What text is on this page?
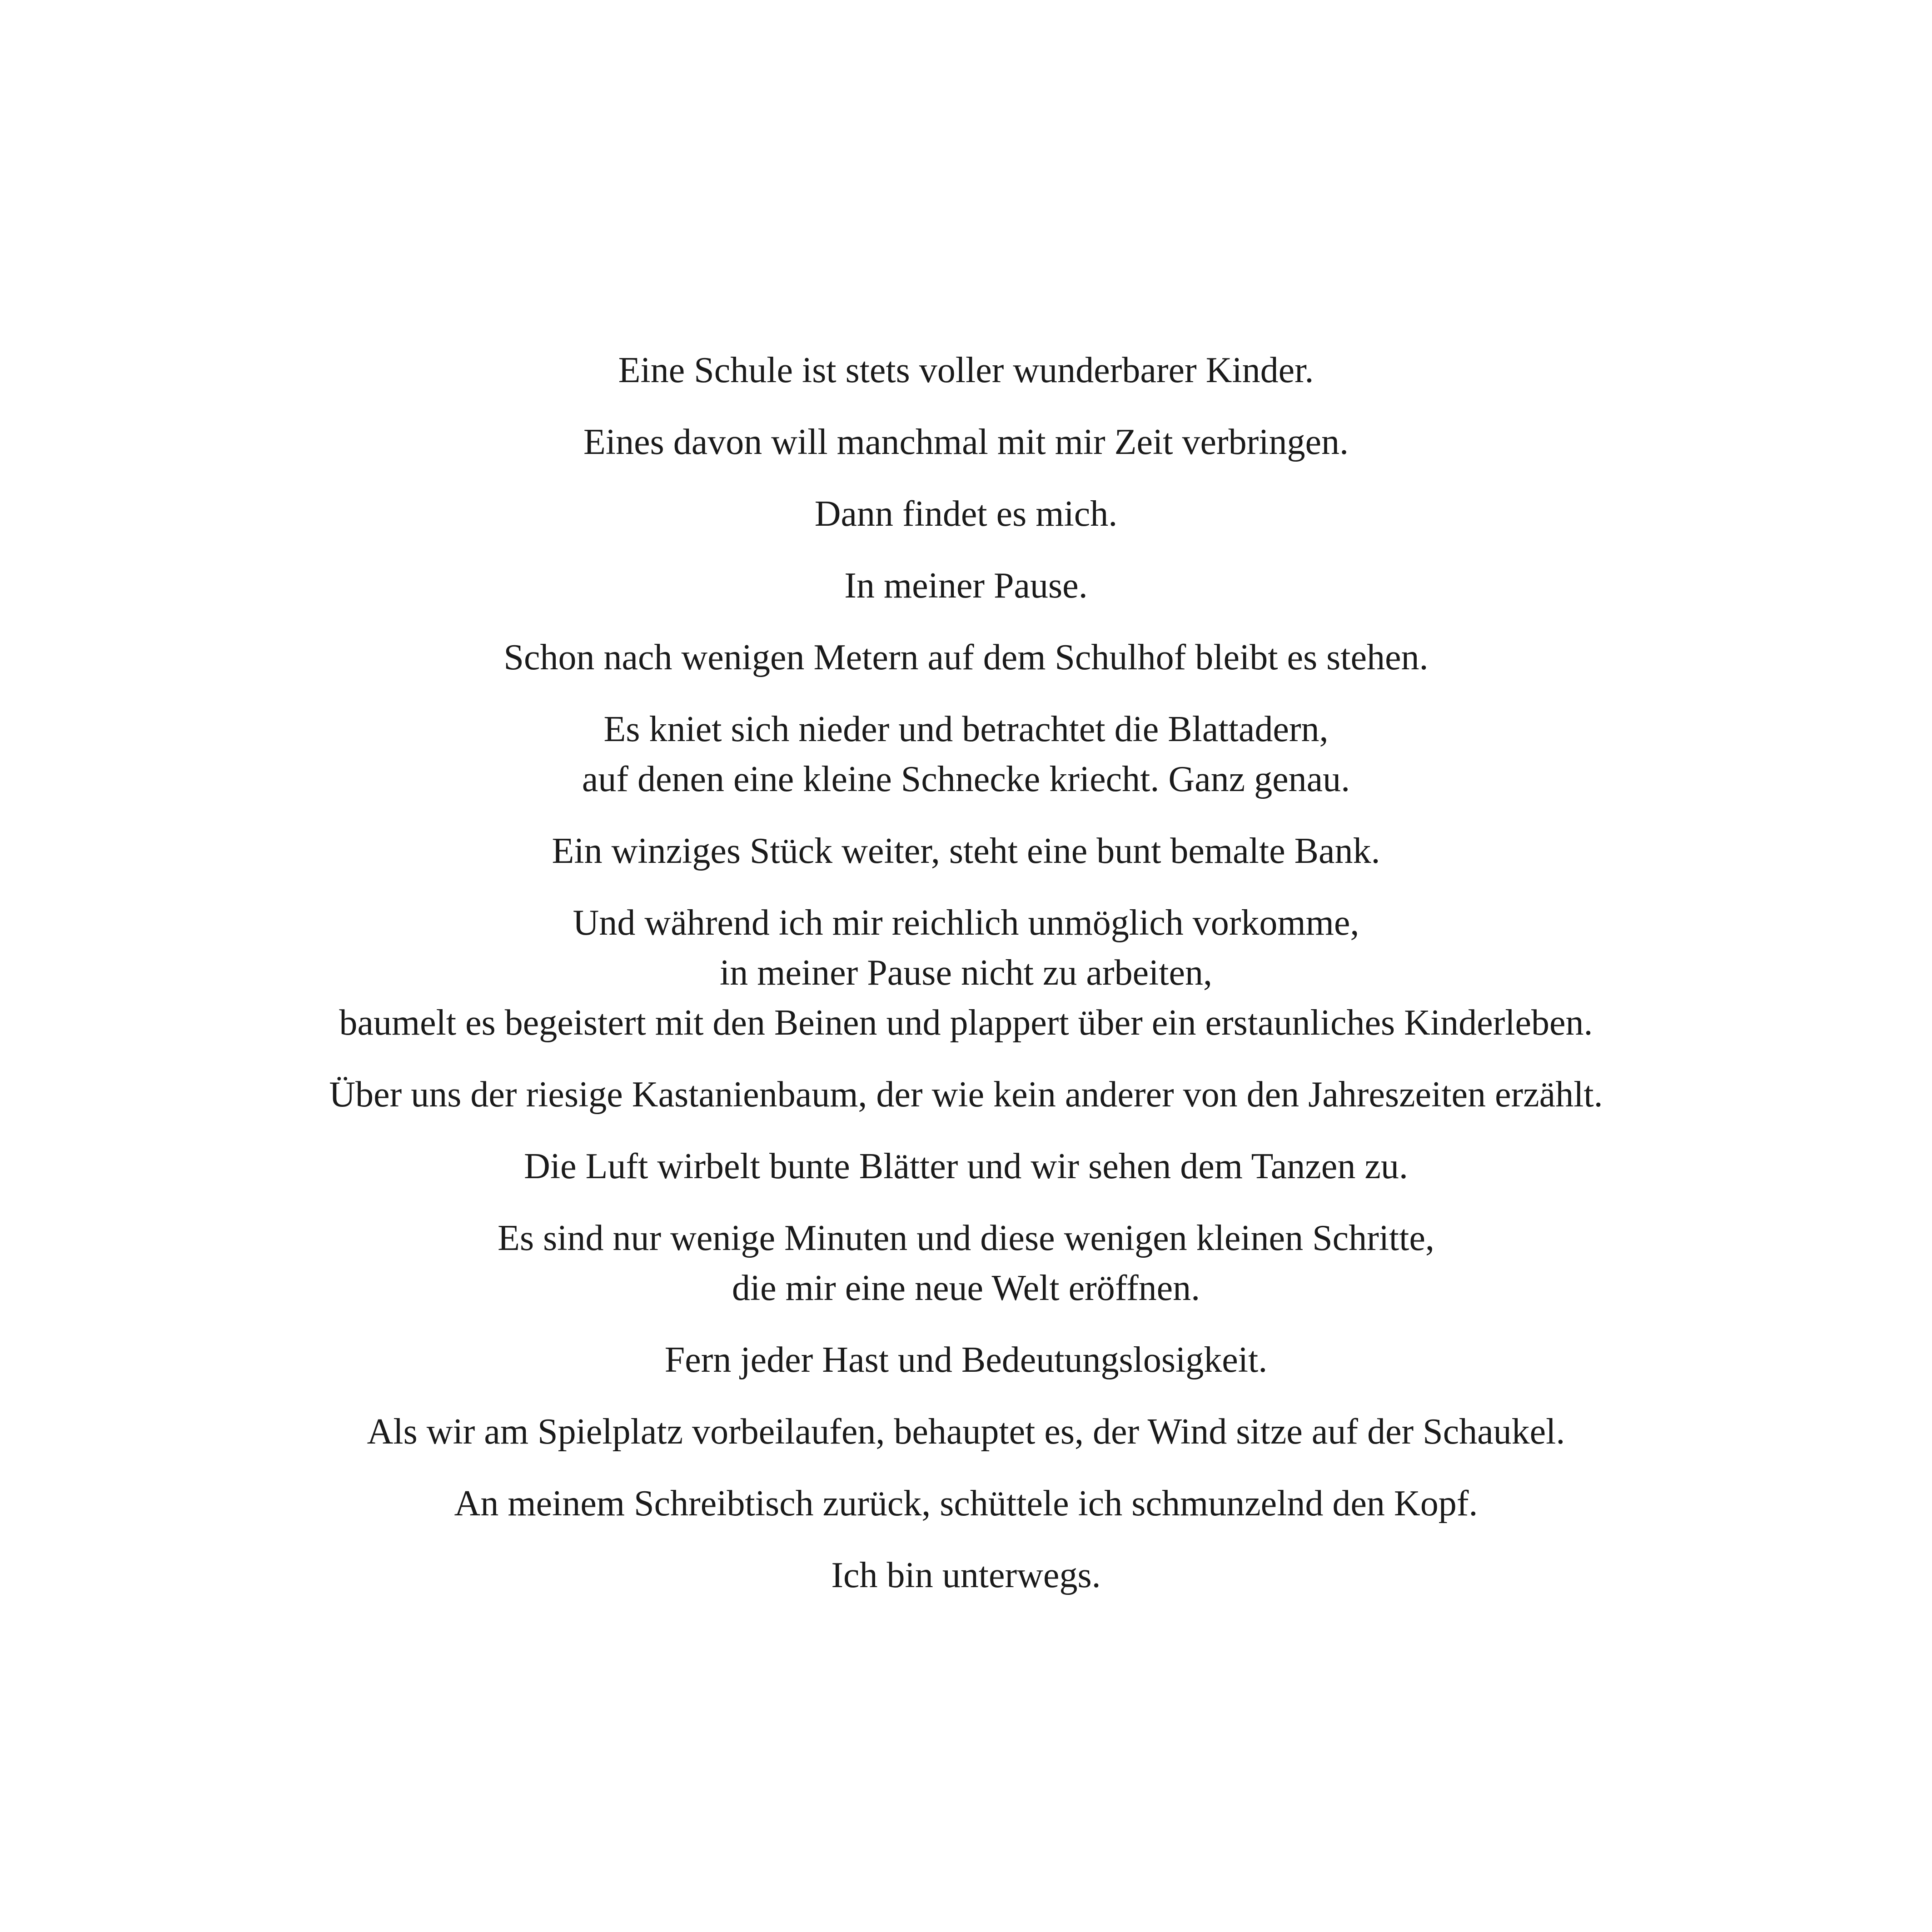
Eine Schule ist stets voller wunderbarer Kinder.

Eines davon will manchmal mit mir Zeit verbringen.

Dann findet es mich.

In meiner Pause.

Schon nach wenigen Metern auf dem Schulhof bleibt es stehen.

Es kniet sich nieder und betrachtet die Blattadern,
auf denen eine kleine Schnecke kriecht. Ganz genau.

Ein winziges Stück weiter, steht eine bunt bemalte Bank.

Und während ich mir reichlich unmöglich vorkomme,
in meiner Pause nicht zu arbeiten,
baumelt es begeistert mit den Beinen und plappert über ein erstaunliches Kinderleben.

Über uns der riesige Kastanienbaum, der wie kein anderer von den Jahreszeiten erzählt.

Die Luft wirbelt bunte Blätter und wir sehen dem Tanzen zu.

Es sind nur wenige Minuten und diese wenigen kleinen Schritte,
die mir eine neue Welt eröffnen.

Fern jeder Hast und Bedeutungslosigkeit.

Als wir am Spielplatz vorbeilaufen, behauptet es, der Wind sitze auf der Schaukel.

An meinem Schreibtisch zurück, schüttele ich schmunzelnd den Kopf.

Ich bin unterwegs.
